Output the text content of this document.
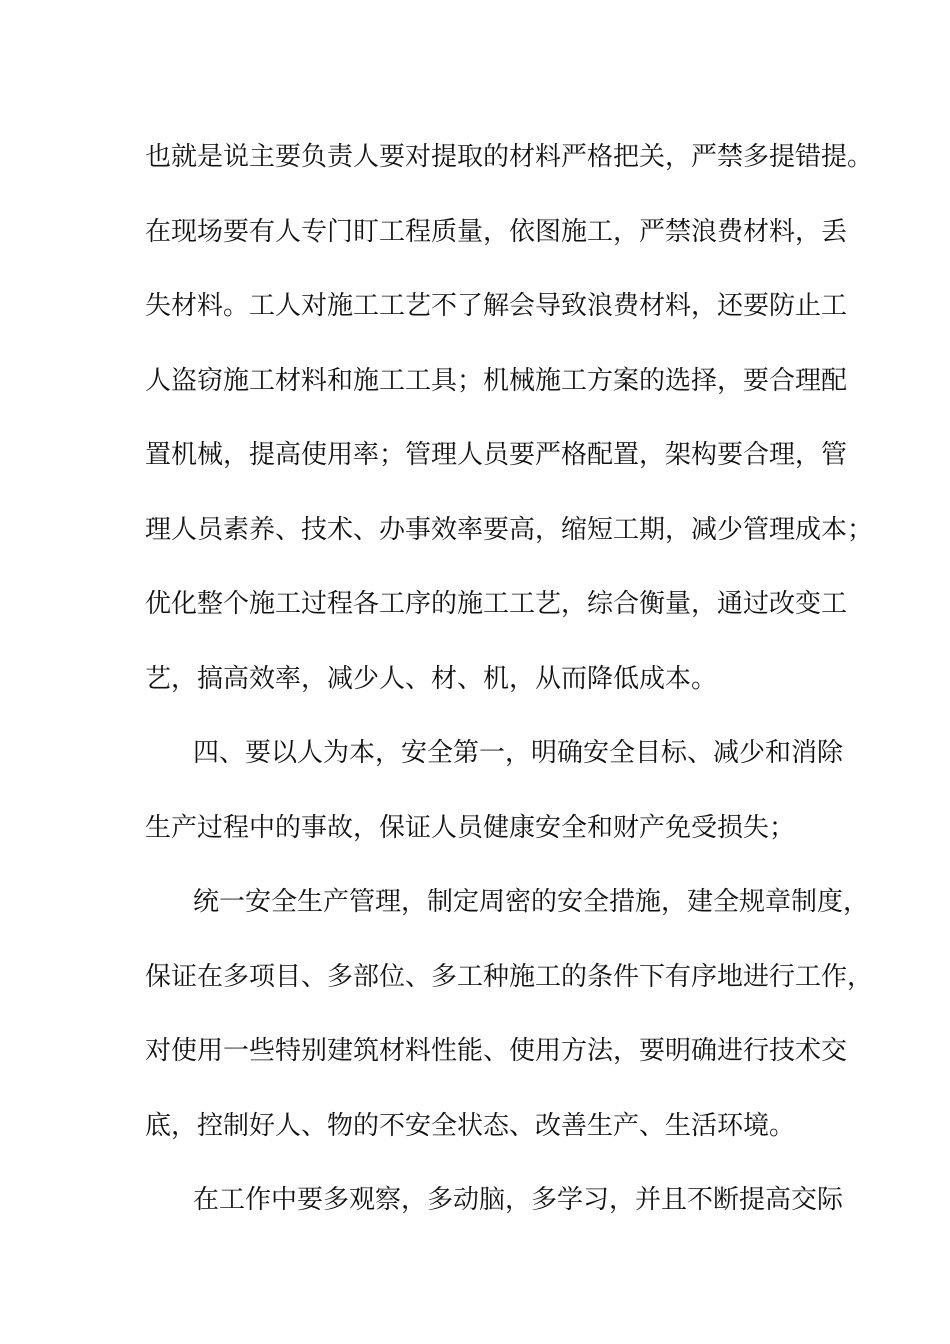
也就是说主要负责人要对提取的材料严格把关，严禁多提错提。
在现场要有人专门盯工程质量，依图施工，严禁浪费材料，丢
失材料。工人对施工工艺不了解会导致浪费材料，还要防止工
人盗窃施工材料和施工工具；机械施工方案的选择，要合理配
置机械，提高使用率；管理人员要严格配置，架构要合理，管
理人员素养、技术、办事效率要高，缩短工期，减少管理成本；
优化整个施工过程各工序的施工工艺，综合衡量，通过改变工
艺，搞高效率，减少人、材、机，从而降低成本。
四、要以人为本，安全第一，明确安全目标、减少和消除
生产过程中的事故，保证人员健康安全和财产免受损失；
统一安全生产管理，制定周密的安全措施，建全规章制度，
保证在多项目、多部位、多工种施工的条件下有序地进行工作，
对使用一些特别建筑材料性能、使用方法，要明确进行技术交
底，控制好人、物的不安全状态、改善生产、生活环境。
在工作中要多观察，多动脑，多学习，并且不断提高交际
